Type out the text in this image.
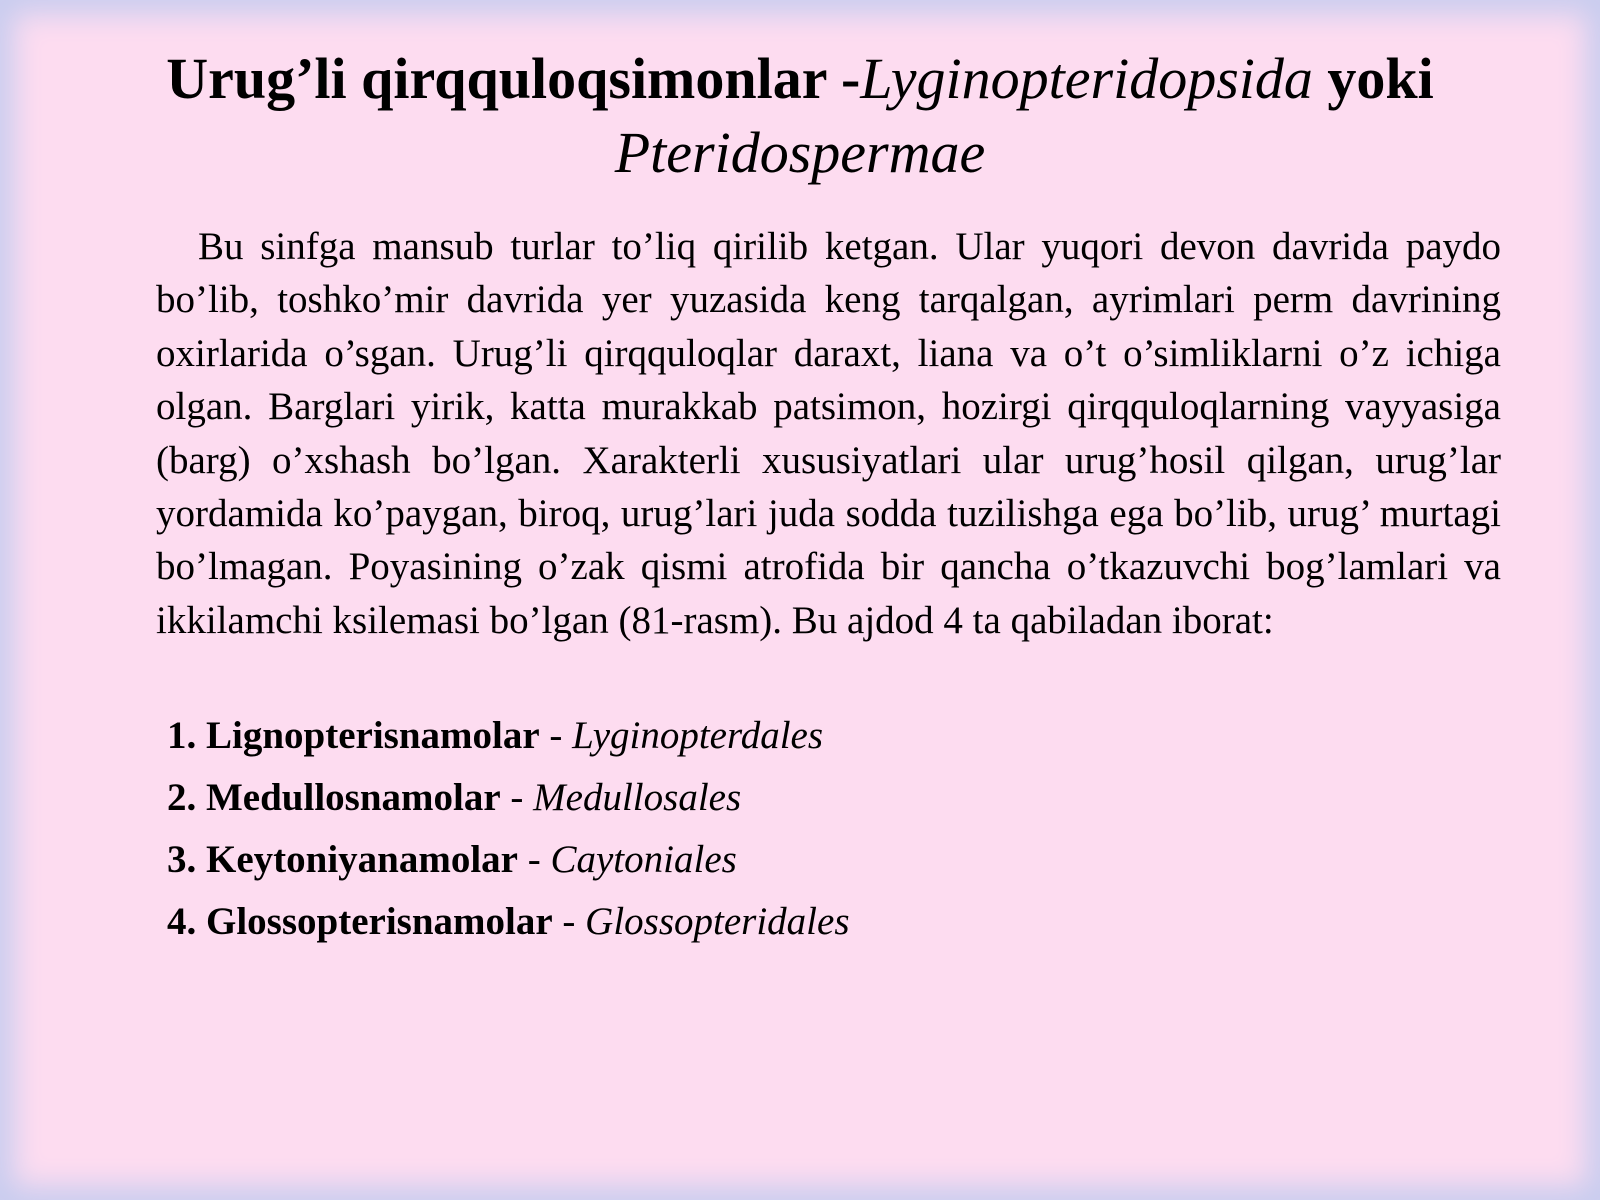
Urug’li qirqquloqsimonlar -Lyginopteridopsida yoki
Pteridospermae

Bu sinfga mansub turlar to’liq qirilib ketgan. Ular yuqori devon davrida paydo bo’lib, toshko’mir davrida yer yuzasida keng tarqalgan, ayrimlari perm davrining oxirlarida o’sgan. Urug’li qirqquloqlar daraxt, liana va o’t o’simliklarni o’z ichiga olgan. Barglari yirik, katta murakkab patsimon, hozirgi qirqquloqlarning vayyasiga (barg) o’xshash bo’lgan. Xarakterli xususiyatlari ular urug’hosil qilgan, urug’lar yordamida ko’paygan, biroq, urug’lari juda sodda tuzilishga ega bo’lib, urug’ murtagi bo’lmagan. Poyasining o’zak qismi atrofida bir qancha o’tkazuvchi bog’lamlari va ikkilamchi ksilemasi bo’lgan (81-rasm). Bu ajdod 4 ta qabiladan iborat:

1. Lignopterisnamolar - Lyginopterdales
2. Medullosnamolar - Medullosales
3. Keytoniyanamolar - Caytoniales
4. Glossopterisnamolar - Glossopteridales
